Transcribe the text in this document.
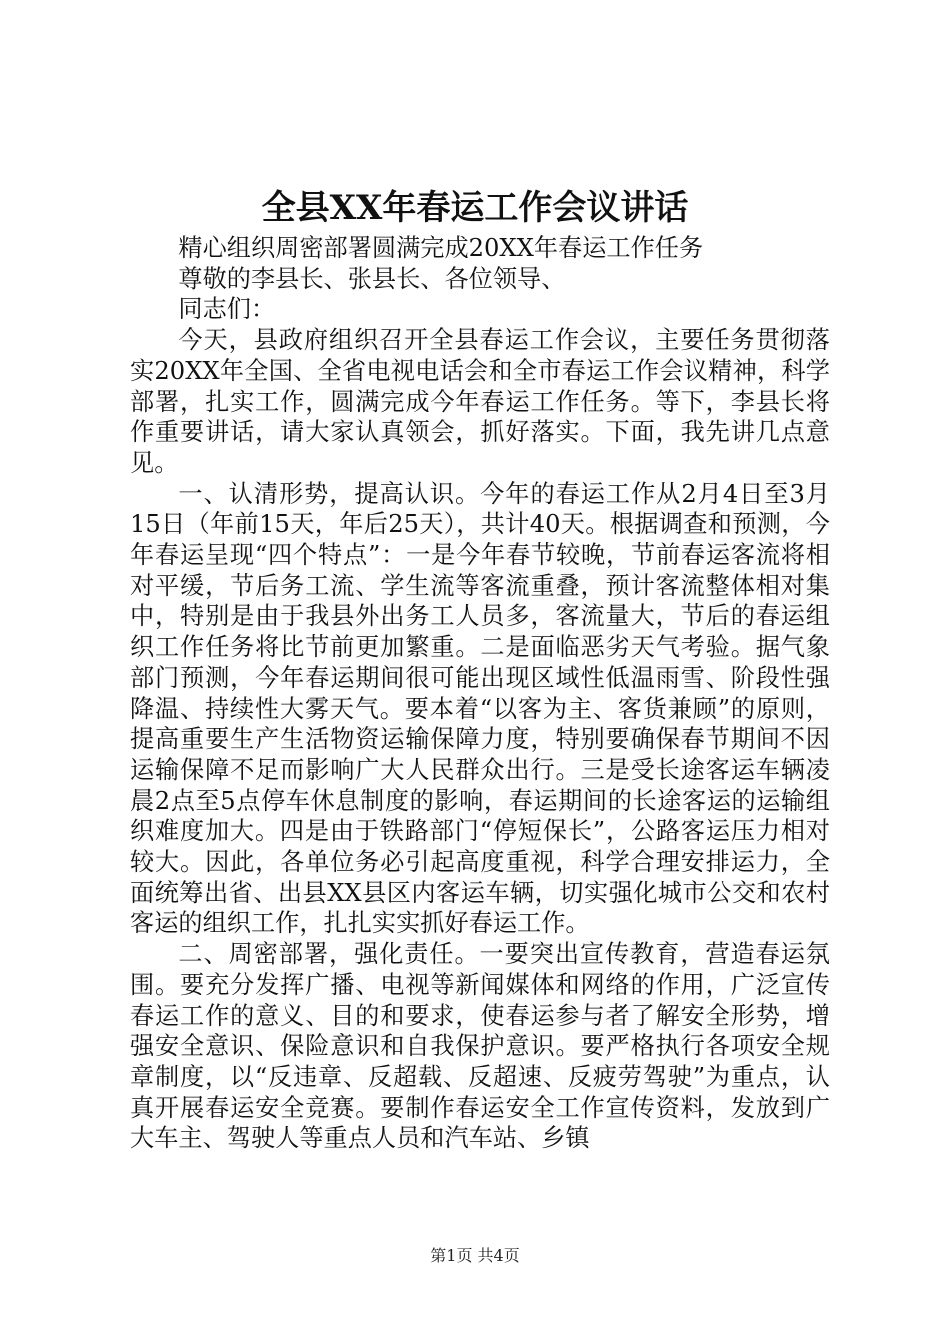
全县XX年春运工作会议讲话

精心组织周密部署圆满完成20XX年春运工作任务

尊敬的李县长、张县长、各位领导、

同志们：

今天，县政府组织召开全县春运工作会议，主要任务贯彻落实20XX年全国、全省电视电话会和全市春运工作会议精神，科学部署，扎实工作，圆满完成今年春运工作任务。等下，李县长将作重要讲话，请大家认真领会，抓好落实。下面，我先讲几点意见。

一、认清形势，提高认识。今年的春运工作从2月4日至3月15日（年前15天，年后25天），共计40天。根据调查和预测，今年春运呈现“四个特点”：一是今年春节较晚，节前春运客流将相对平缓，节后务工流、学生流等客流重叠，预计客流整体相对集中，特别是由于我县外出务工人员多，客流量大，节后的春运组织工作任务将比节前更加繁重。二是面临恶劣天气考验。据气象部门预测，今年春运期间很可能出现区域性低温雨雪、阶段性强降温、持续性大雾天气。要本着“以客为主、客货兼顾”的原则，提高重要生产生活物资运输保障力度，特别要确保春节期间不因运输保障不足而影响广大人民群众出行。三是受长途客运车辆凌晨2点至5点停车休息制度的影响，春运期间的长途客运的运输组织难度加大。四是由于铁路部门“停短保长”，公路客运压力相对较大。因此，各单位务必引起高度重视，科学合理安排运力，全面统筹出省、出县XX县区内客运车辆，切实强化城市公交和农村客运的组织工作，扎扎实实抓好春运工作。

二、周密部署，强化责任。一要突出宣传教育，营造春运氛围。要充分发挥广播、电视等新闻媒体和网络的作用，广泛宣传春运工作的意义、目的和要求，使春运参与者了解安全形势，增强安全意识、保险意识和自我保护意识。要严格执行各项安全规章制度，以“反违章、反超载、反超速、反疲劳驾驶”为重点，认真开展春运安全竞赛。要制作春运安全工作宣传资料，发放到广大车主、驾驶人等重点人员和汽车站、乡镇

第1页 共4页
